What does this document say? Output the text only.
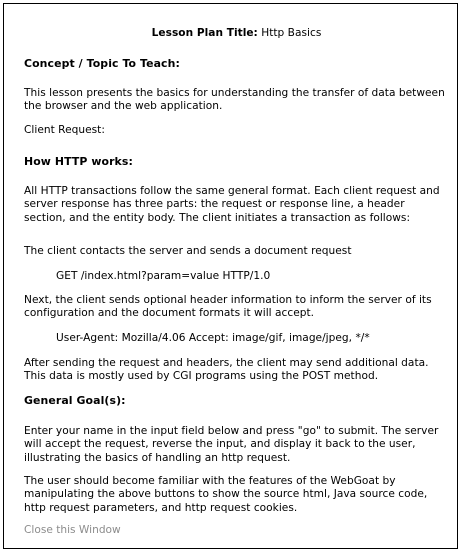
Lesson Plan Title: Http Basics

Concept / Topic To Teach:

This lesson presents the basics for understanding the transfer of data between the browser and the web application.

Client Request:

How HTTP works:

All HTTP transactions follow the same general format. Each client request and server response has three parts: the request or response line, a header section, and the entity body. The client initiates a transaction as follows:

The client contacts the server and sends a document request

GET /index.html?param=value HTTP/1.0

Next, the client sends optional header information to inform the server of its configuration and the document formats it will accept.

User-Agent: Mozilla/4.06 Accept: image/gif, image/jpeg, */*

After sending the request and headers, the client may send additional data. This data is mostly used by CGI programs using the POST method.

General Goal(s):

Enter your name in the input field below and press "go" to submit. The server will accept the request, reverse the input, and display it back to the user, illustrating the basics of handling an http request.

The user should become familiar with the features of the WebGoat by manipulating the above buttons to show the source html, Java source code, http request parameters, and http request cookies.

Close this Window
